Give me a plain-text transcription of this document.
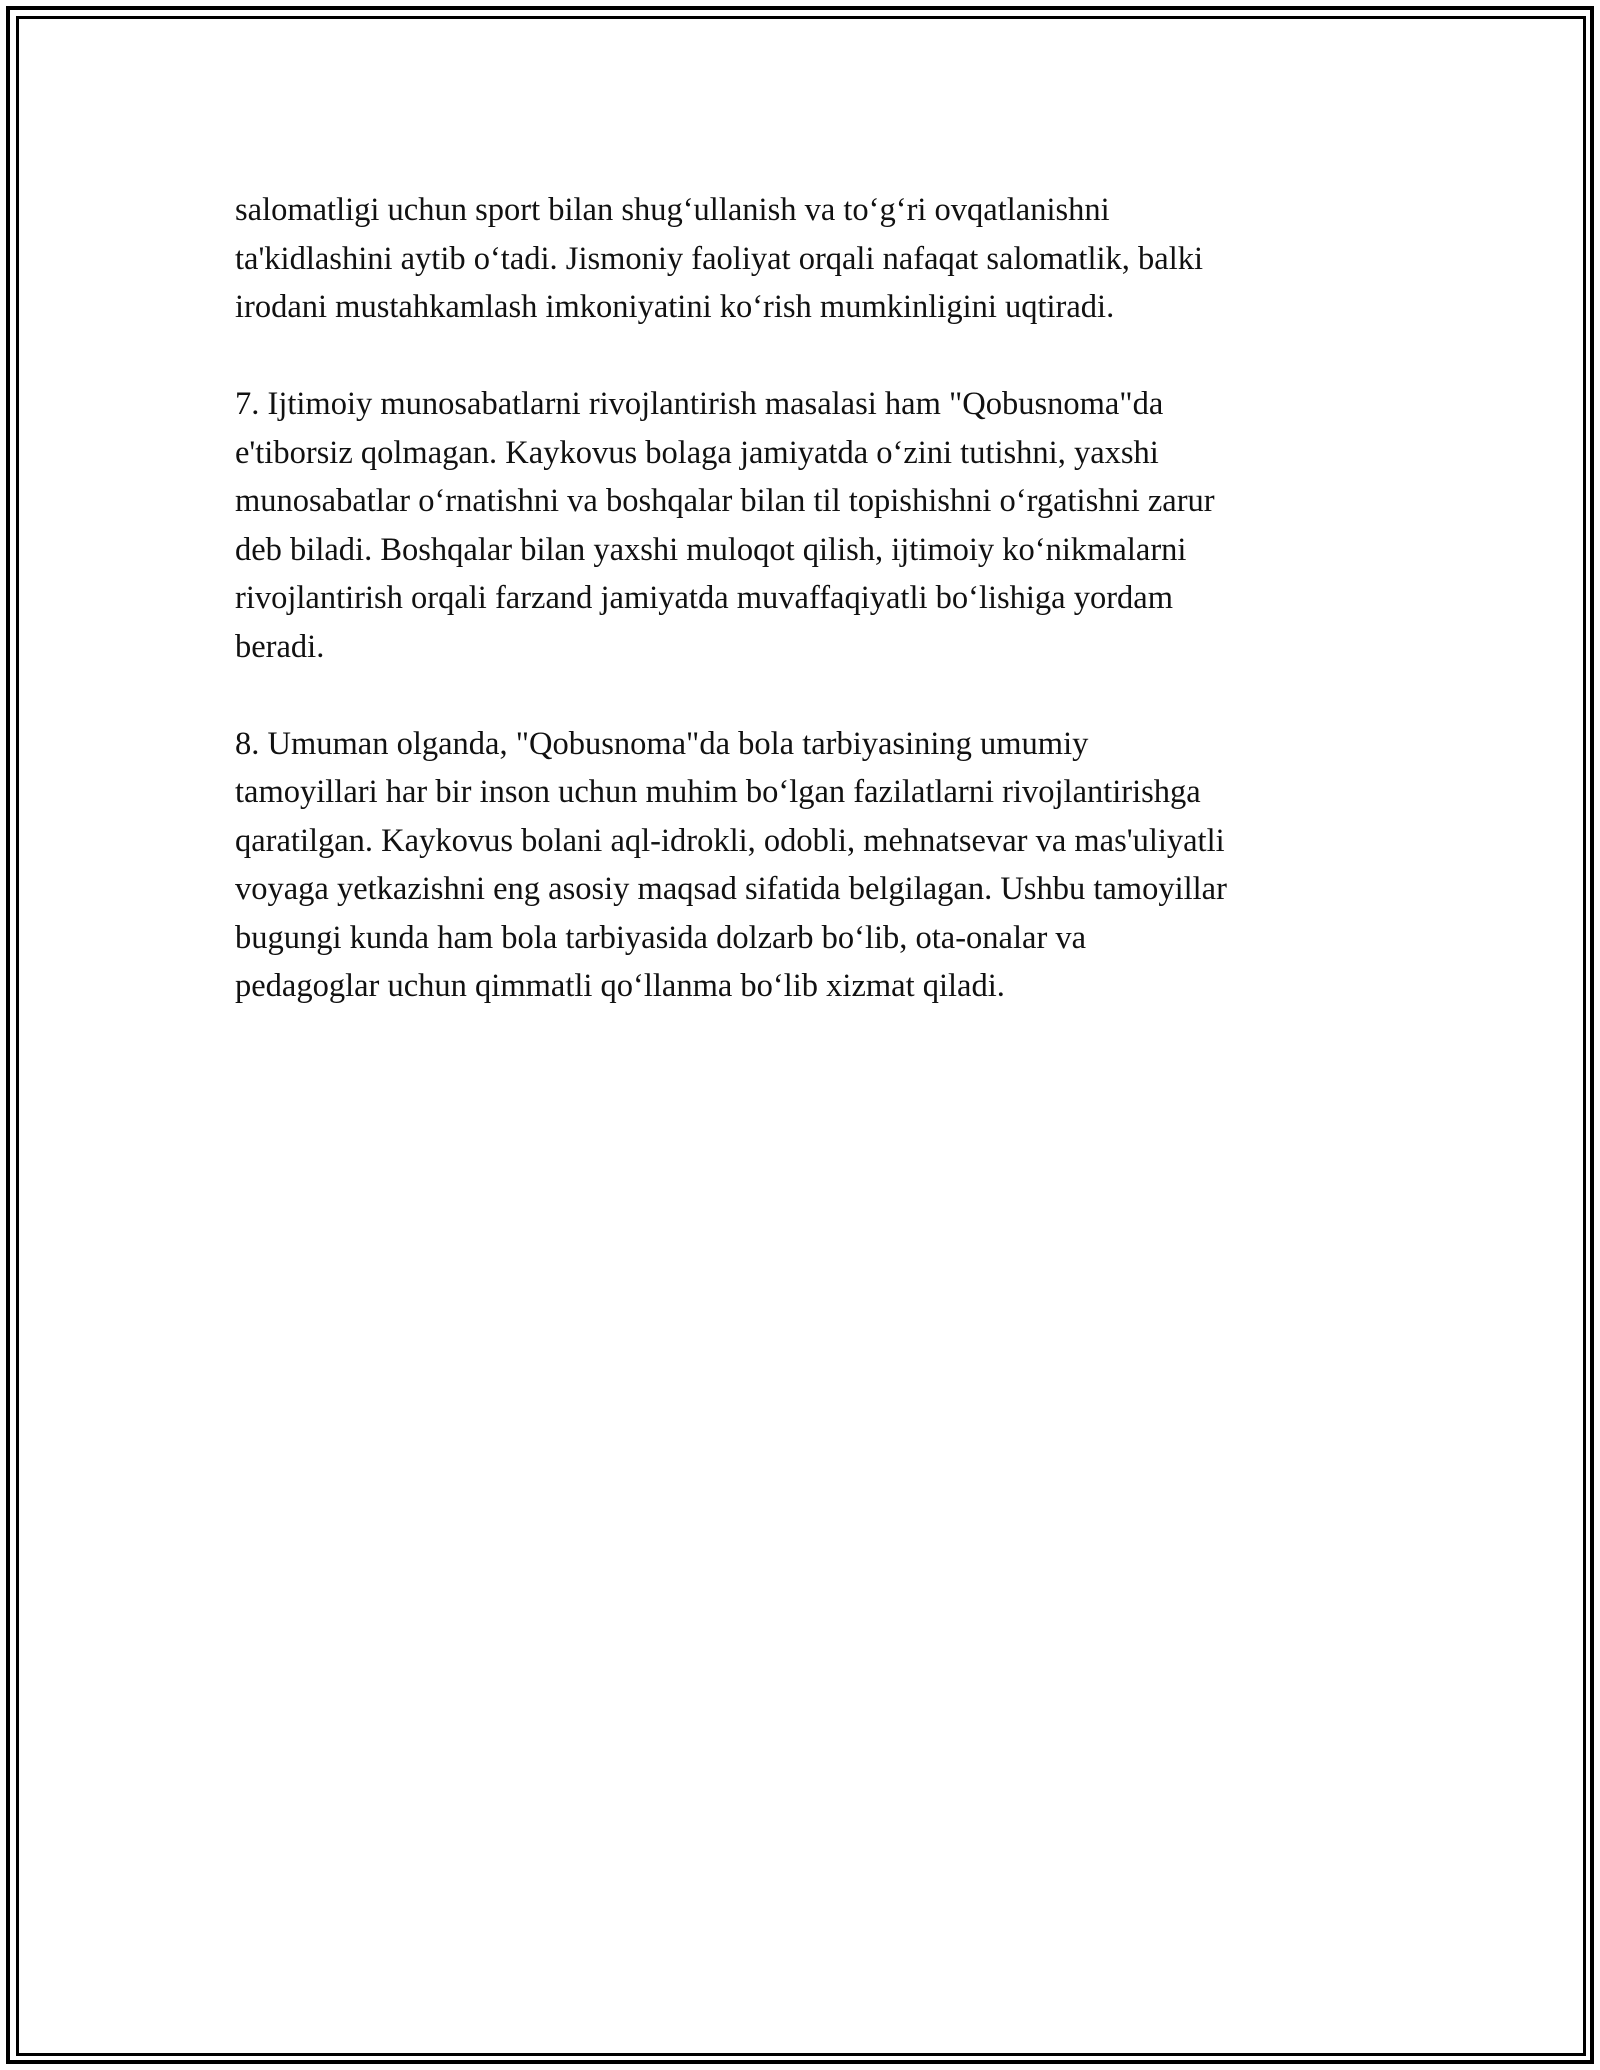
salomatligi uchun sport bilan shug‘ullanish va to‘g‘ri ovqatlanishni
ta'kidlashini aytib o‘tadi. Jismoniy faoliyat orqali nafaqat salomatlik, balki
irodani mustahkamlash imkoniyatini ko‘rish mumkinligini uqtiradi.

7. Ijtimoiy munosabatlarni rivojlantirish masalasi ham "Qobusnoma"da
e'tiborsiz qolmagan. Kaykovus bolaga jamiyatda o‘zini tutishni, yaxshi
munosabatlar o‘rnatishni va boshqalar bilan til topishishni o‘rgatishni zarur
deb biladi. Boshqalar bilan yaxshi muloqot qilish, ijtimoiy ko‘nikmalarni
rivojlantirish orqali farzand jamiyatda muvaffaqiyatli bo‘lishiga yordam
beradi.

8. Umuman olganda, "Qobusnoma"da bola tarbiyasining umumiy
tamoyillari har bir inson uchun muhim bo‘lgan fazilatlarni rivojlantirishga
qaratilgan. Kaykovus bolani aql-idrokli, odobli, mehnatsevar va mas'uliyatli
voyaga yetkazishni eng asosiy maqsad sifatida belgilagan. Ushbu tamoyillar
bugungi kunda ham bola tarbiyasida dolzarb bo‘lib, ota-onalar va
pedagoglar uchun qimmatli qo‘llanma bo‘lib xizmat qiladi.
